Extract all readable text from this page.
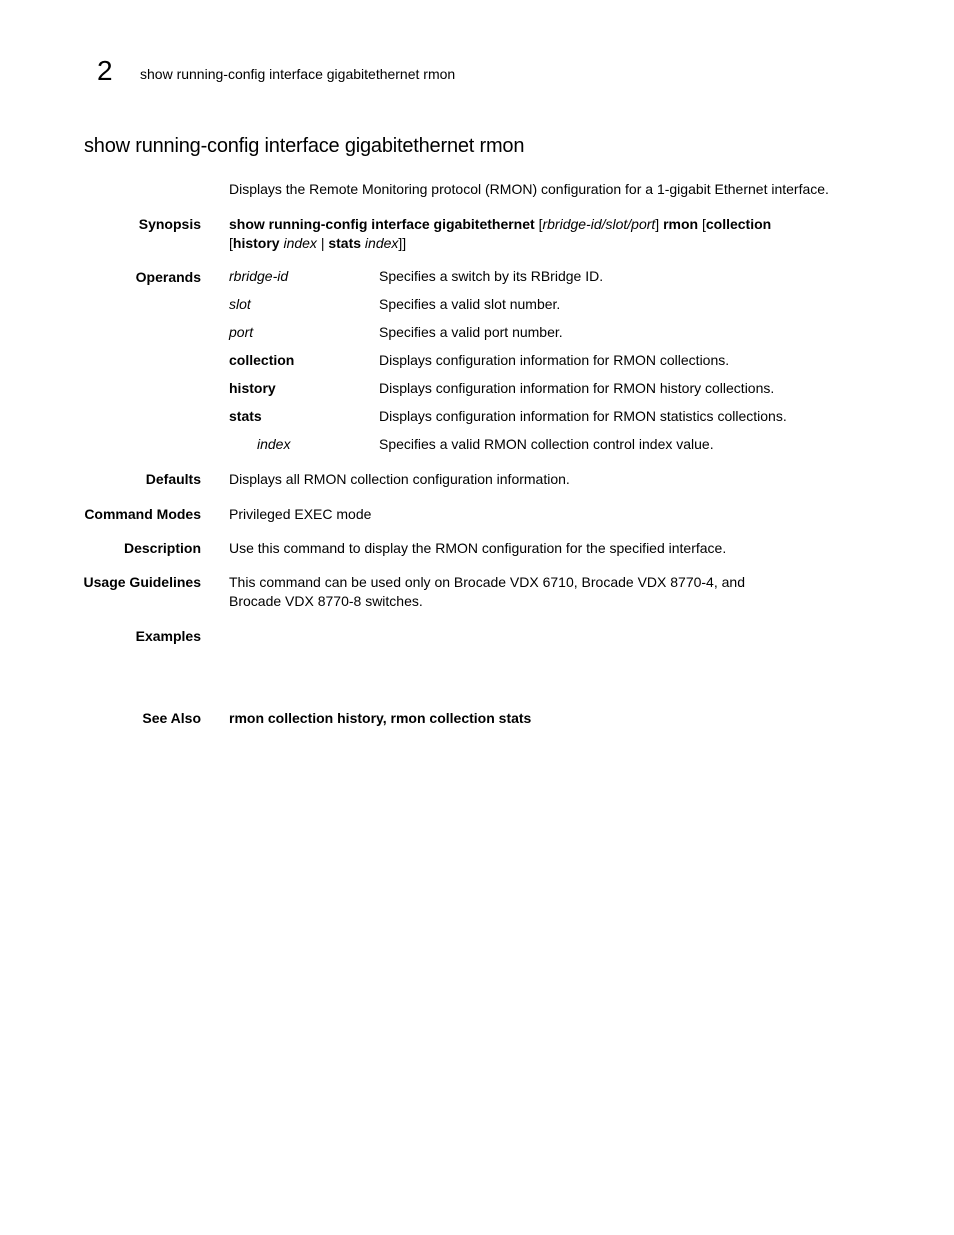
2 show running-config interface gigabitethernet rmon
show running-config interface gigabitethernet rmon
Displays the Remote Monitoring protocol (RMON) configuration for a 1-gigabit Ethernet interface.
Synopsis show running-config interface gigabitethernet [rbridge-id/slot/port] rmon [collection
[history index | stats index]]
Operands rbridge-id	Specifies a switch by its RBridge ID.
slot	Specifies a valid slot number.
port	Specifies a valid port number.
collection	Displays configuration information for RMON collections.
history	Displays configuration information for RMON history collections.
stats	Displays configuration information for RMON statistics collections.
index	Specifies a valid RMON collection control index value.
Defaults Displays all RMON collection configuration information.
Command Modes Privileged EXEC mode
Description Use this command to display the RMON configuration for the specified interface.
Usage Guidelines This command can be used only on Brocade VDX 6710, Brocade VDX 8770-4, and
Brocade VDX 8770-8 switches.
Examples
See Also rmon collection history, rmon collection stats
